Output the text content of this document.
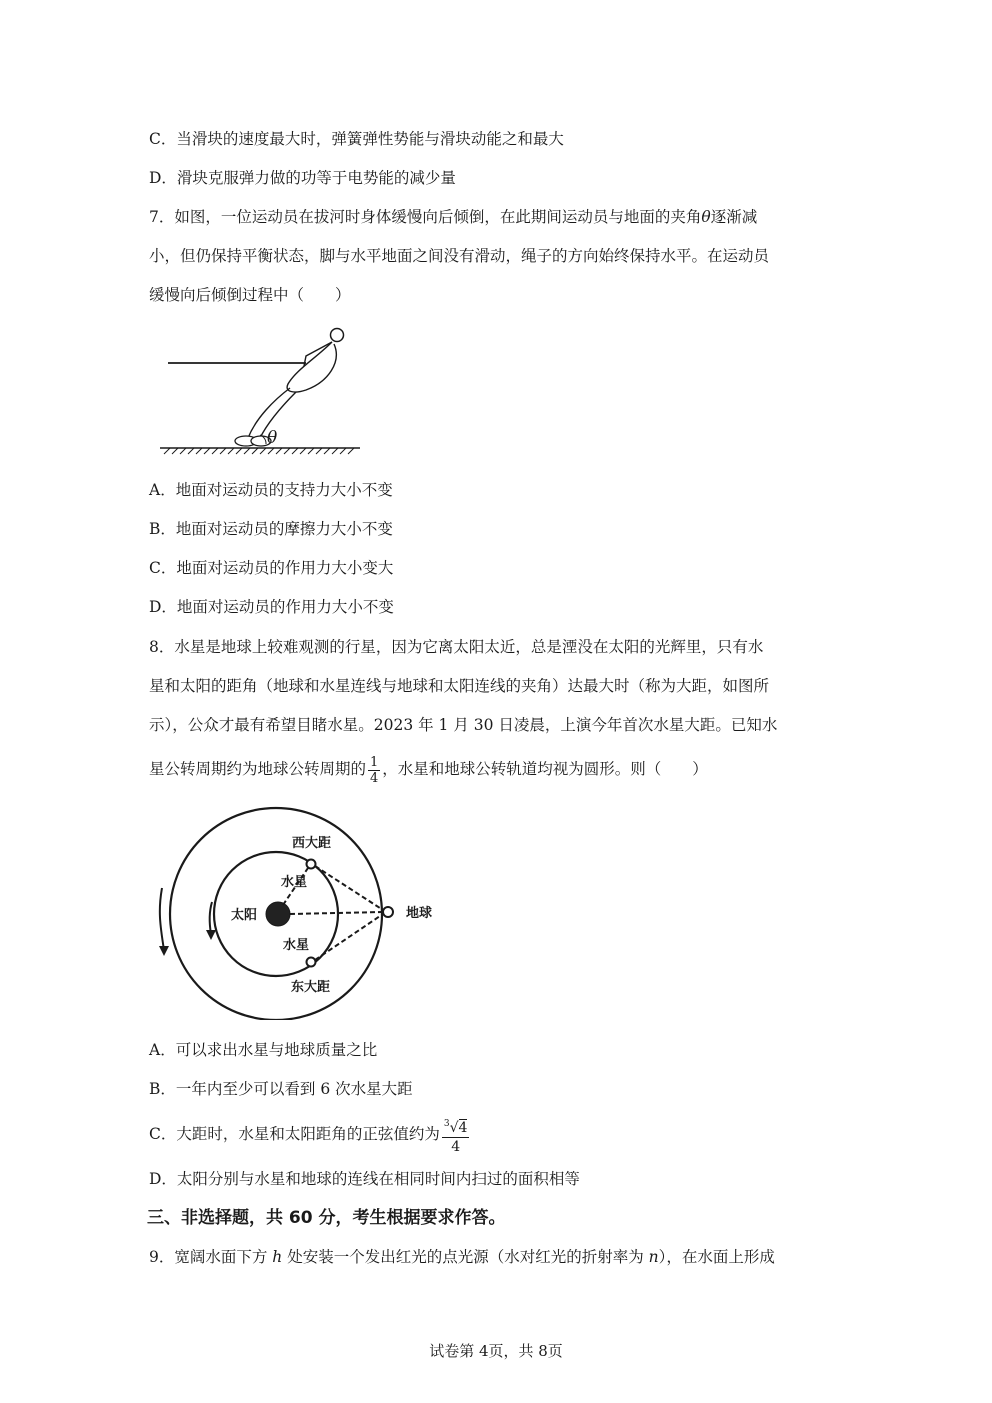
C．当滑块的速度最大时，弹簧弹性势能与滑块动能之和最大
D．滑块克服弹力做的功等于电势能的减少量
7．如图，一位运动员在拔河时身体缓慢向后倾倒，在此期间运动员与地面的夹角θ逐渐减
小，但仍保持平衡状态，脚与水平地面之间没有滑动，绳子的方向始终保持水平。在运动员
缓慢向后倾倒过程中（　　）
θ
A．地面对运动员的支持力大小不变
B．地面对运动员的摩擦力大小不变
C．地面对运动员的作用力大小变大
D．地面对运动员的作用力大小不变
8．水星是地球上较难观测的行星，因为它离太阳太近，总是湮没在太阳的光辉里，只有水
星和太阳的距角（地球和水星连线与地球和太阳连线的夹角）达最大时（称为大距，如图所
示），公众才最有希望目睹水星。2023 年 1 月 30 日凌晨，上演今年首次水星大距。已知水
星公转周期约为地球公转周期的 $\frac{1}{4}$ ，水星和地球公转轨道均视为圆形。则（　　）
西大距
水星
太阳	地球
水星
东大距
A．可以求出水星与地球质量之比
B．一年内至少可以看到 6 次水星大距
C．大距时，水星和太阳距角的正弦值约为 $\frac{^3√4}{4}$
D．太阳分别与水星和地球的连线在相同时间内扫过的面积相等
三、非选择题，共 60 分，考生根据要求作答。
9．宽阔水面下方 h 处安装一个发出红光的点光源（水对红光的折射率为 n），在水面上形成
试卷第 4页，共 8页
